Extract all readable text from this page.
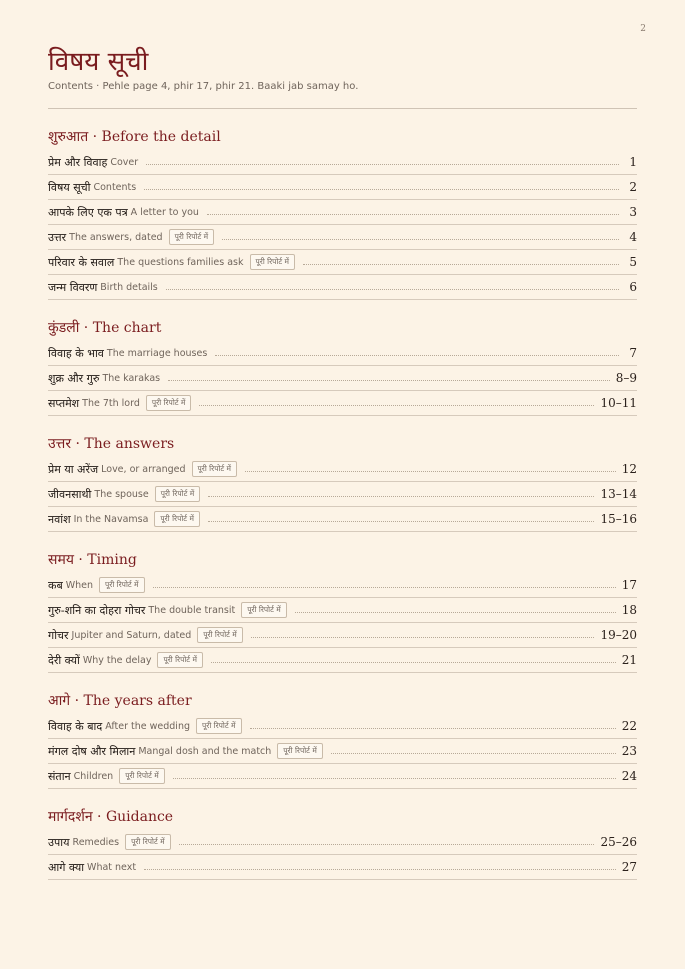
2
विषय सूची
Contents · Pehle page 4, phir 17, phir 21. Baaki jab samay ho.
शुरुआत · Before the detail
प्रेम और विवाह Cover	1
विषय सूची Contents	2
आपके लिए एक पत्र A letter to you	3
उत्तर The answers, dated	पूरी रिपोर्ट में	4
परिवार के सवाल The questions families ask	पूरी रिपोर्ट में	5
जन्म विवरण Birth details	6
कुंडली · The chart
विवाह के भाव The marriage houses	7
शुक्र और गुरु The karakas	8–9
सप्तमेश The 7th lord	पूरी रिपोर्ट में	10–11
उत्तर · The answers
प्रेम या अरेंज Love, or arranged	पूरी रिपोर्ट में	12
जीवनसाथी The spouse	पूरी रिपोर्ट में	13–14
नवांश In the Navamsa	पूरी रिपोर्ट में	15–16
समय · Timing
कब When	पूरी रिपोर्ट में	17
गुरु-शनि का दोहरा गोचर The double transit	पूरी रिपोर्ट में	18
गोचर Jupiter and Saturn, dated	पूरी रिपोर्ट में	19–20
देरी क्यों Why the delay	पूरी रिपोर्ट में	21
आगे · The years after
विवाह के बाद After the wedding	पूरी रिपोर्ट में	22
मंगल दोष और मिलान Mangal dosh and the match	पूरी रिपोर्ट में	23
संतान Children	पूरी रिपोर्ट में	24
मार्गदर्शन · Guidance
उपाय Remedies	पूरी रिपोर्ट में	25–26
आगे क्या What next	27
